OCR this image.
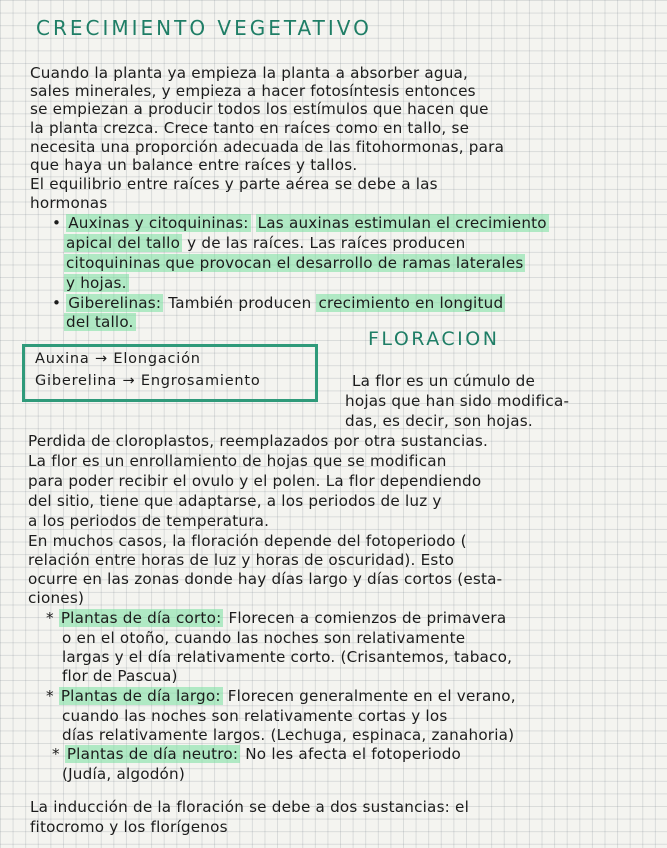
CRECIMIENTO VEGETATIVO
Cuando la planta ya empieza la planta a absorber agua,
sales minerales, y empieza a hacer fotosíntesis entonces
se empiezan a producir todos los estímulos que hacen que
la planta crezca. Crece tanto en raíces como en tallo, se
necesita una proporción adecuada de las fitohormonas, para
que haya un balance entre raíces y tallos.
El equilibrio entre raíces y parte aérea se debe a las
hormonas
• Auxinas y citoquininas: Las auxinas estimulan el crecimiento
apical del tallo y de las raíces. Las raíces producen
citoquininas que provocan el desarrollo de ramas laterales
y hojas.
• Giberelinas: También producen crecimiento en longitud
del tallo.
FLORACION
Auxina → Elongación
Giberelina → Engrosamiento	La flor es un cúmulo de
hojas que han sido modifica-
das, es decir, son hojas.
Perdida de cloroplastos, reemplazados por otra sustancias.
La flor es un enrollamiento de hojas que se modifican
para poder recibir el ovulo y el polen. La flor dependiendo
del sitio, tiene que adaptarse, a los periodos de luz y
a los periodos de temperatura.
En muchos casos, la floración depende del fotoperiodo (
relación entre horas de luz y horas de oscuridad). Esto
ocurre en las zonas donde hay días largo y días cortos (esta-
ciones)
* Plantas de día corto: Florecen a comienzos de primavera
o en el otoño, cuando las noches son relativamente
largas y el día relativamente corto. (Crisantemos, tabaco,
flor de Pascua)
* Plantas de día largo: Florecen generalmente en el verano,
cuando las noches son relativamente cortas y los
días relativamente largos. (Lechuga, espinaca, zanahoria)
* Plantas de día neutro: No les afecta el fotoperiodo
(Judía, algodón)
La inducción de la floración se debe a dos sustancias: el
fitocromo y los florígenos
